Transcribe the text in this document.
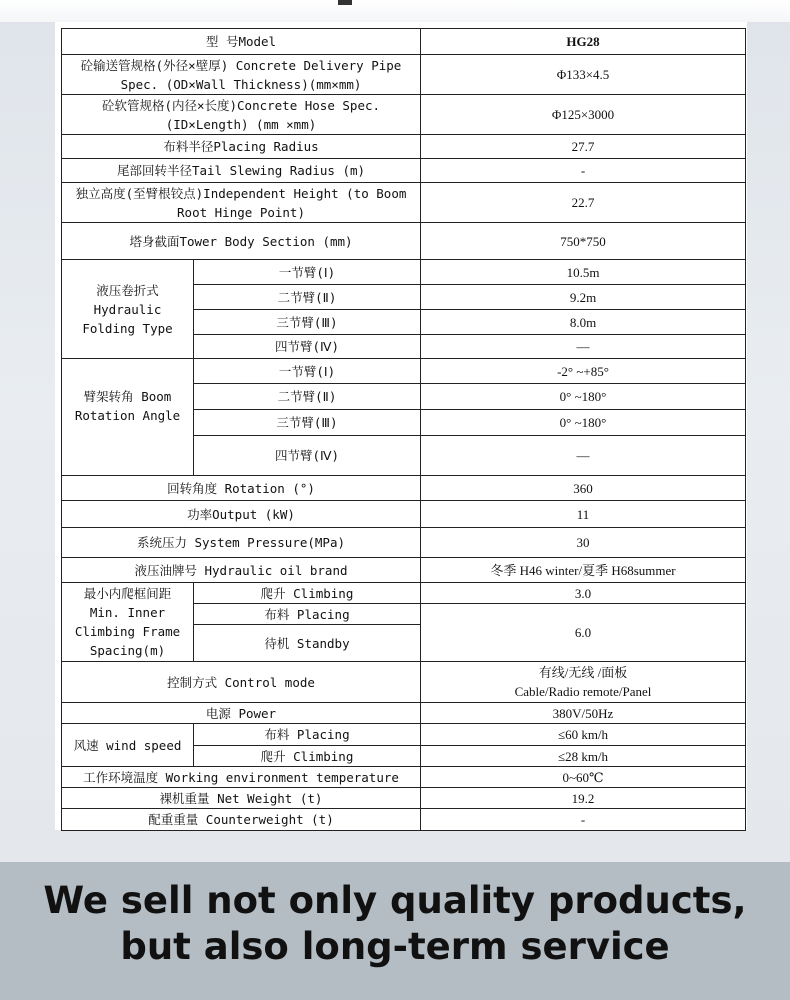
型 号Model		HG28
砼输送管规格(外径×壁厚) Concrete Delivery Pipe Spec. (OD×Wall Thickness)(mm×mm)		Φ133×4.5
砼软管规格(内径×长度)Concrete Hose Spec. (ID×Length) (mm ×mm)		Φ125×3000
布料半径Placing Radius		27.7
尾部回转半径Tail Slewing Radius (m)		-
独立高度(至臂根铰点)Independent Height (to Boom Root Hinge Point)		22.7
塔身截面Tower Body Section (mm)		750*750
液压卷折式 Hydraulic Folding Type	一节臂(Ⅰ)	10.5m
	二节臂(Ⅱ)	9.2m
	三节臂(Ⅲ)	8.0m
	四节臂(Ⅳ)	—
臂架转角 Boom Rotation Angle	一节臂(Ⅰ)	-2° ~+85°
	二节臂(Ⅱ)	0° ~180°
	三节臂(Ⅲ)	0° ~180°
	四节臂(Ⅳ)	—
回转角度 Rotation (°)		360
功率Output (kW)		11
系统压力 System Pressure(MPa)		30
液压油牌号 Hydraulic oil brand		冬季 H46 winter/夏季 H68summer
最小内爬框间距 Min. Inner Climbing Frame Spacing(m)	爬升 Climbing	3.0
	布料 Placing	6.0
	待机 Standby	
控制方式 Control mode		有线/无线 /面板
Cable/Radio remote/Panel

电源 Power		380V/50Hz
风速 wind speed	布料 Placing	≤60 km/h
	爬升 Climbing	≤28 km/h
工作环境温度 Working environment temperature		0~60℃
裸机重量 Net Weight (t)		19.2
配重重量 Counterweight (t)		-
We sell not only quality products,
but also long-term service
